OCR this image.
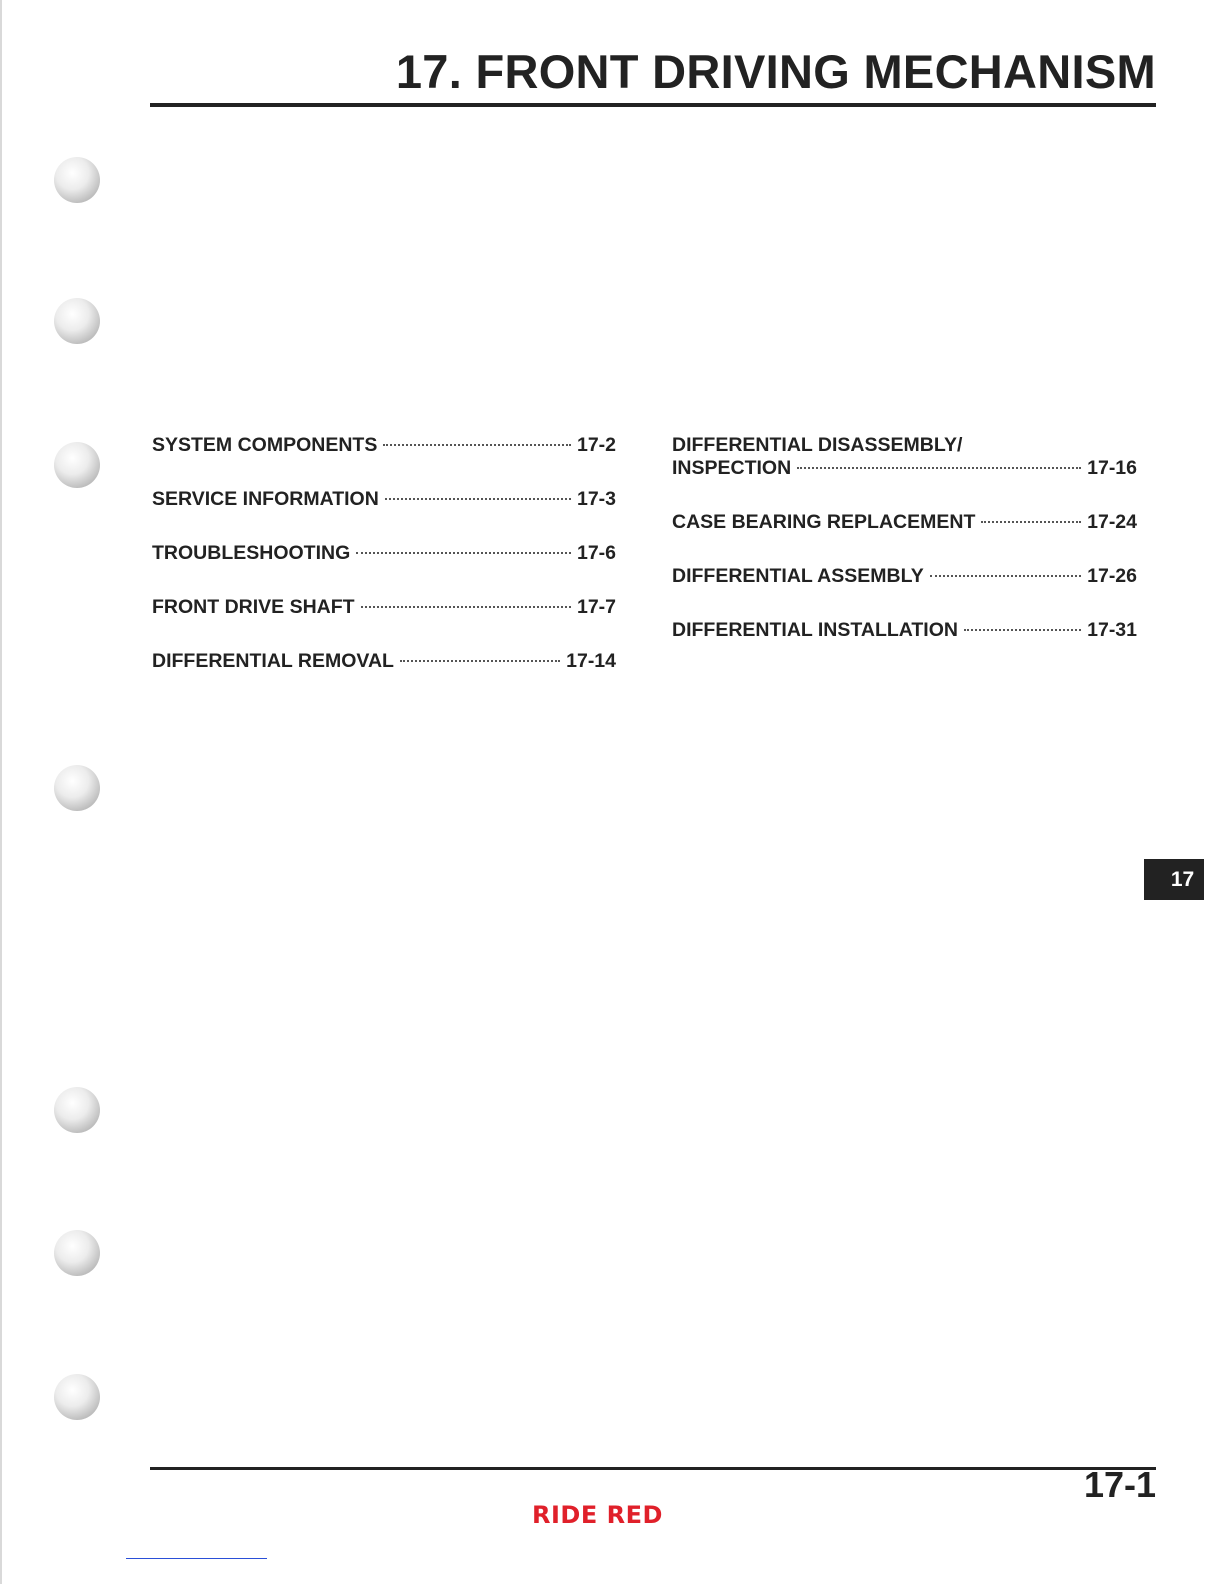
17. FRONT DRIVING MECHANISM
SYSTEM COMPONENTS	17-2
SERVICE INFORMATION	17-3
TROUBLESHOOTING	17-6
FRONT DRIVE SHAFT	17-7
DIFFERENTIAL REMOVAL	17-14
DIFFERENTIAL DISASSEMBLY/
INSPECTION	17-16
CASE BEARING REPLACEMENT	17-24
DIFFERENTIAL ASSEMBLY	17-26
DIFFERENTIAL INSTALLATION	17-31
17
17-1
RIDE RED
